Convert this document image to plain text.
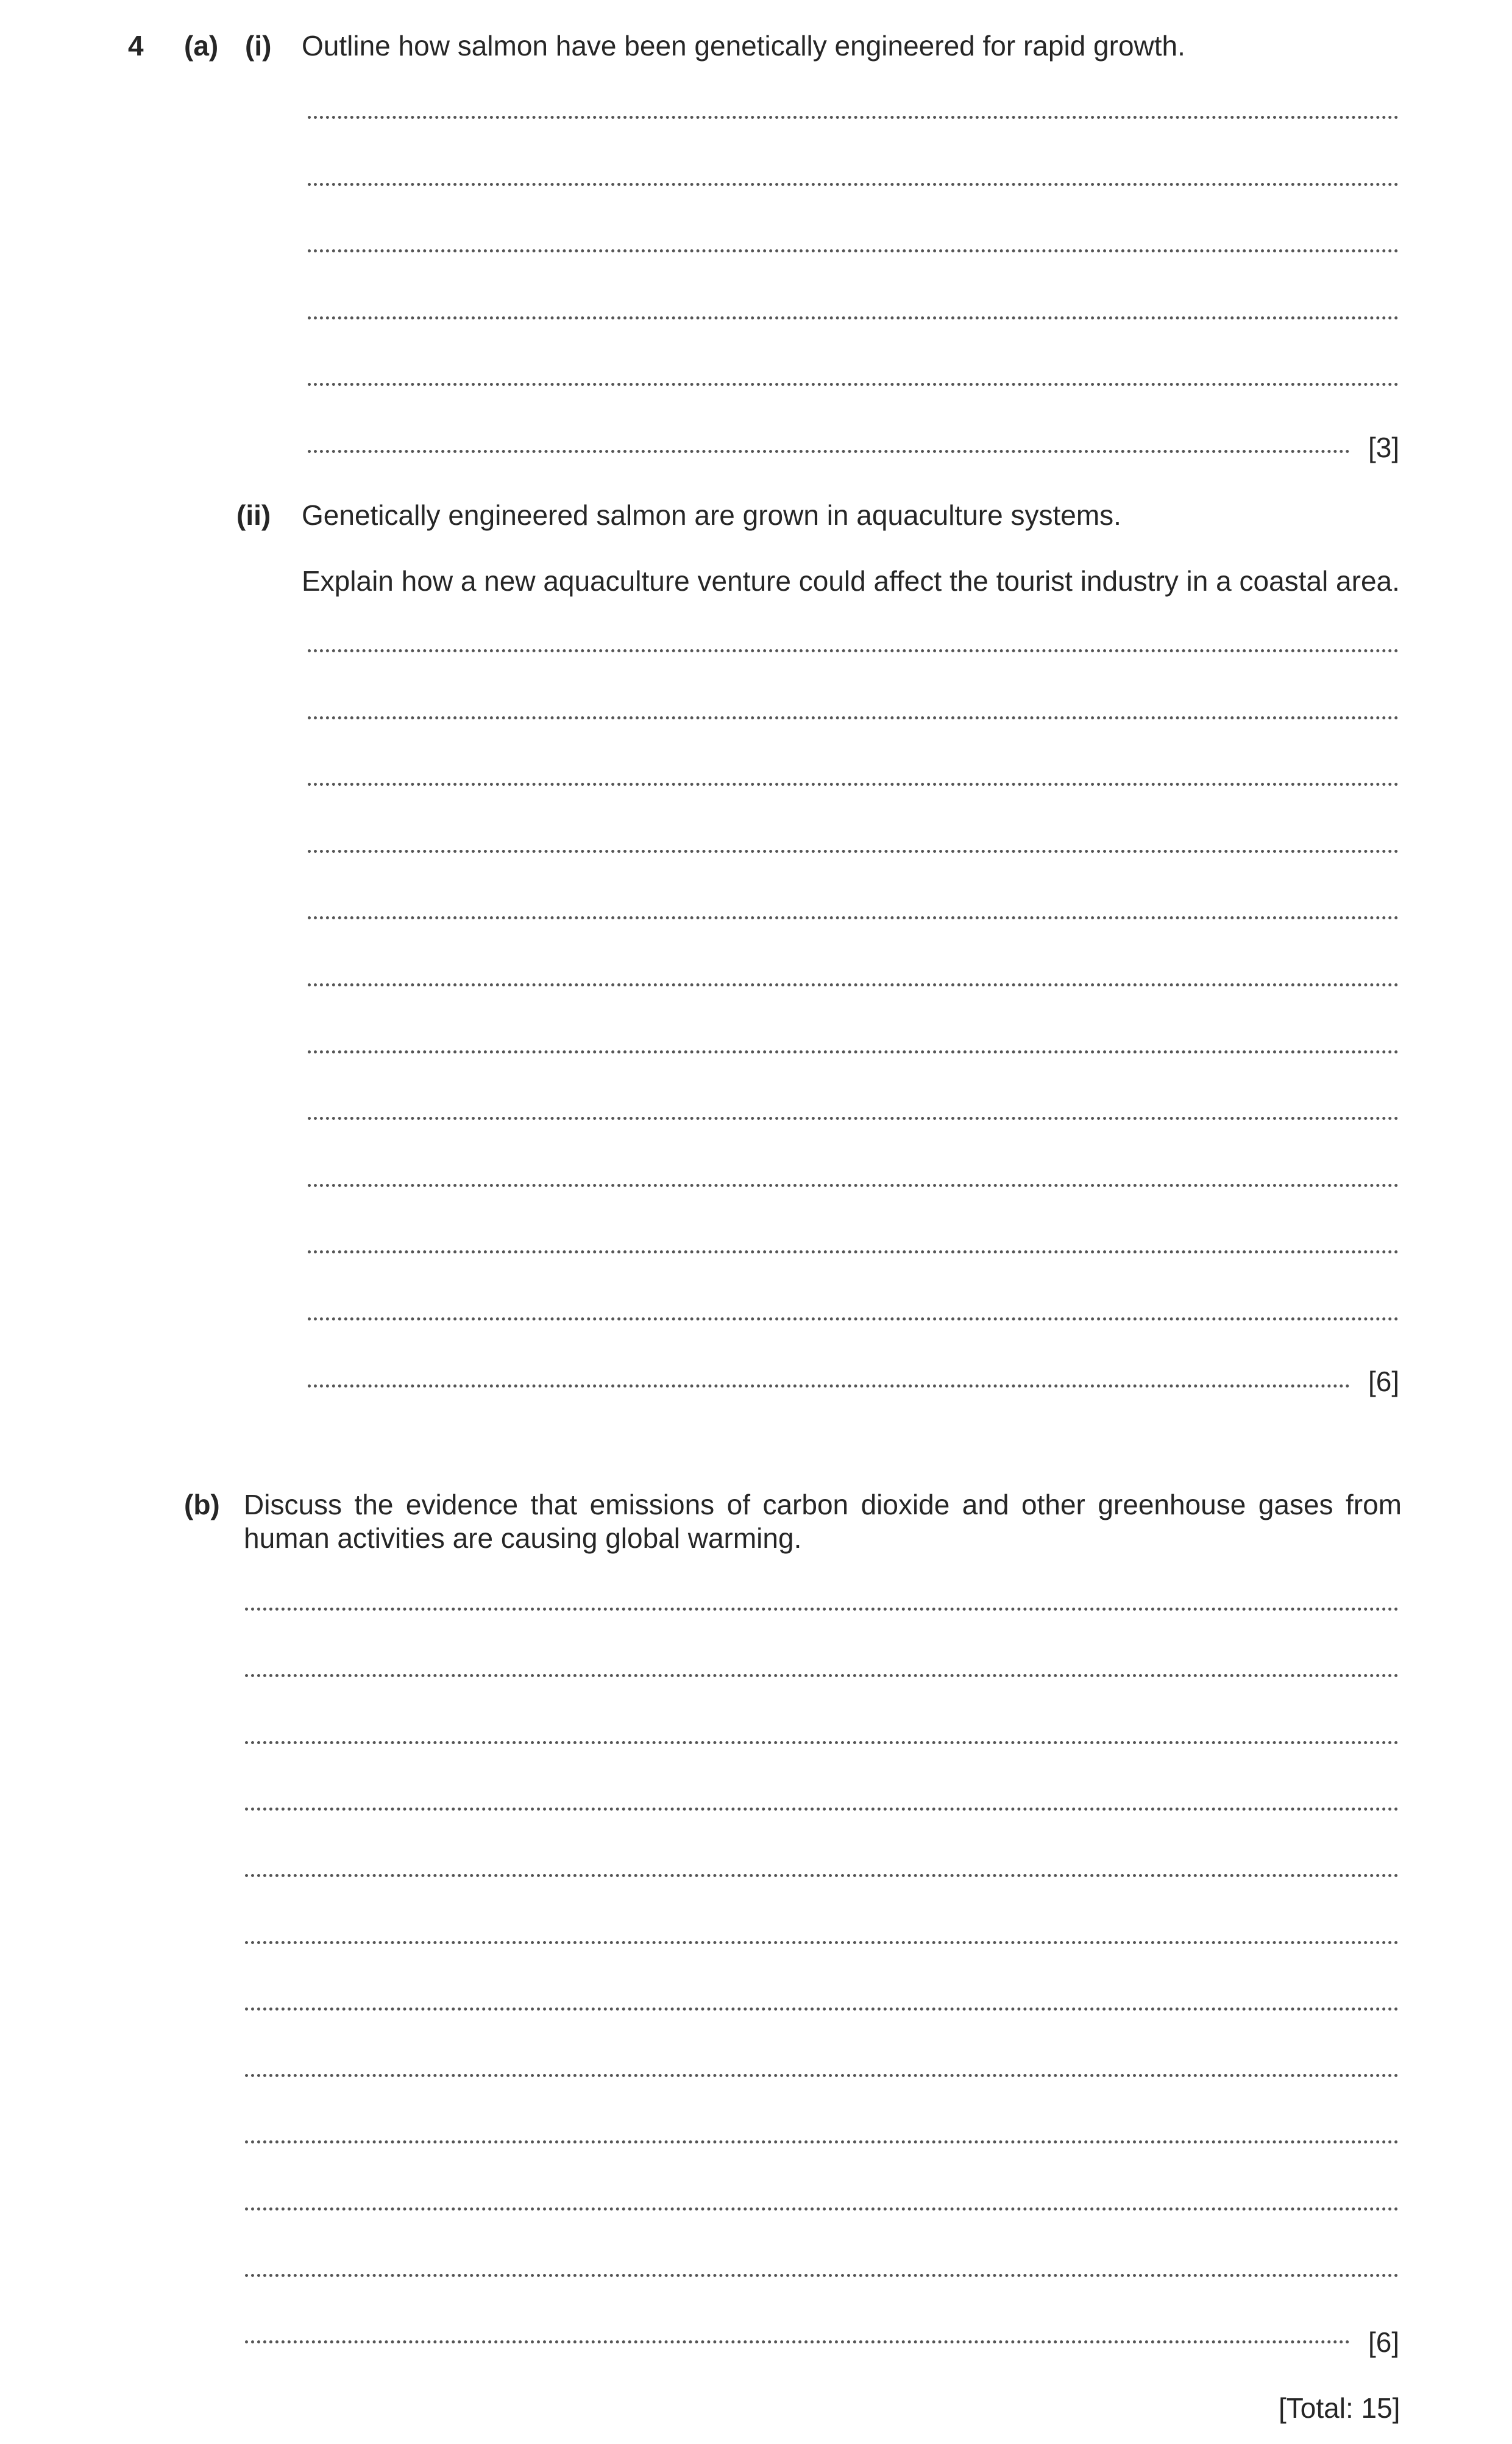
4 (a) (i) Outline how salmon have been genetically engineered for rapid growth.
[3]
(ii) Genetically engineered salmon are grown in aquaculture systems.
Explain how a new aquaculture venture could affect the tourist industry in a coastal area.
[6]
(b) Discuss the evidence that emissions of carbon dioxide and other greenhouse gases from
human activities are causing global warming.
[6]
[Total: 15]
